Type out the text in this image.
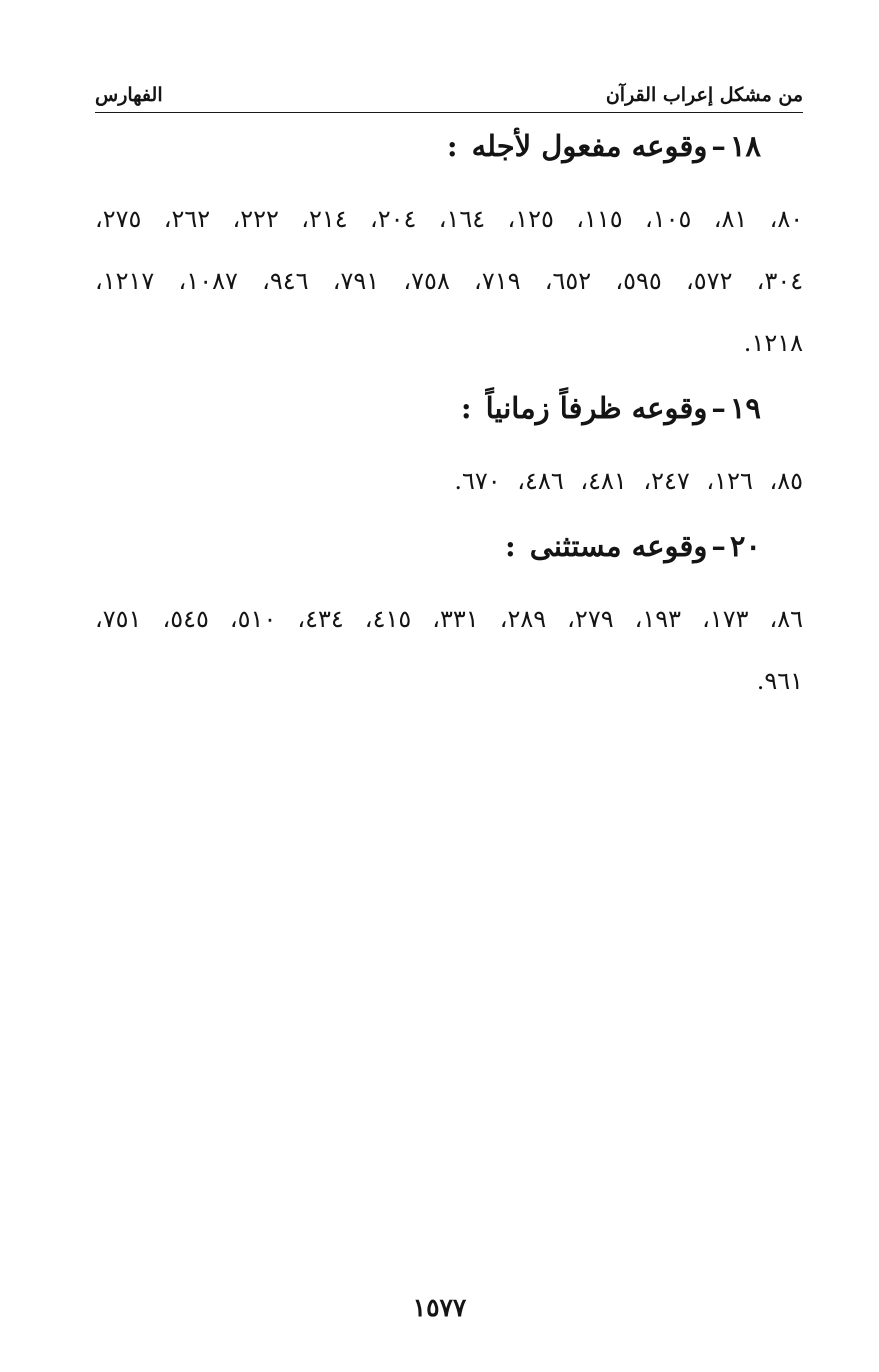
من مشكل إعراب القرآن
الفهارس
١٨–وقوعه مفعول لأجله:

٨٠، ٨١، ١٠٥، ١١٥، ١٢٥، ١٦٤، ٢٠٤، ٢١٤، ٢٢٢، ٢٦٢، ٢٧٥، ٣٠٤، ٥٧٢، ٥٩٥، ٦٥٢، ٧١٩، ٧٥٨، ٧٩١، ٩٤٦، ١٠٨٧، ١٢١٧، ١٢١٨.

١٩–وقوعه ظرفاً زمانياً:

٨٥، ١٢٦، ٢٤٧، ٤٨١، ٤٨٦، ٦٧٠.

٢٠–وقوعه مستثنى:

٨٦، ١٧٣، ١٩٣، ٢٧٩، ٢٨٩، ٣٣١، ٤١٥، ٤٣٤، ٥١٠، ٥٤٥، ٧٥١، ٩٦١.

١٥٧٧
